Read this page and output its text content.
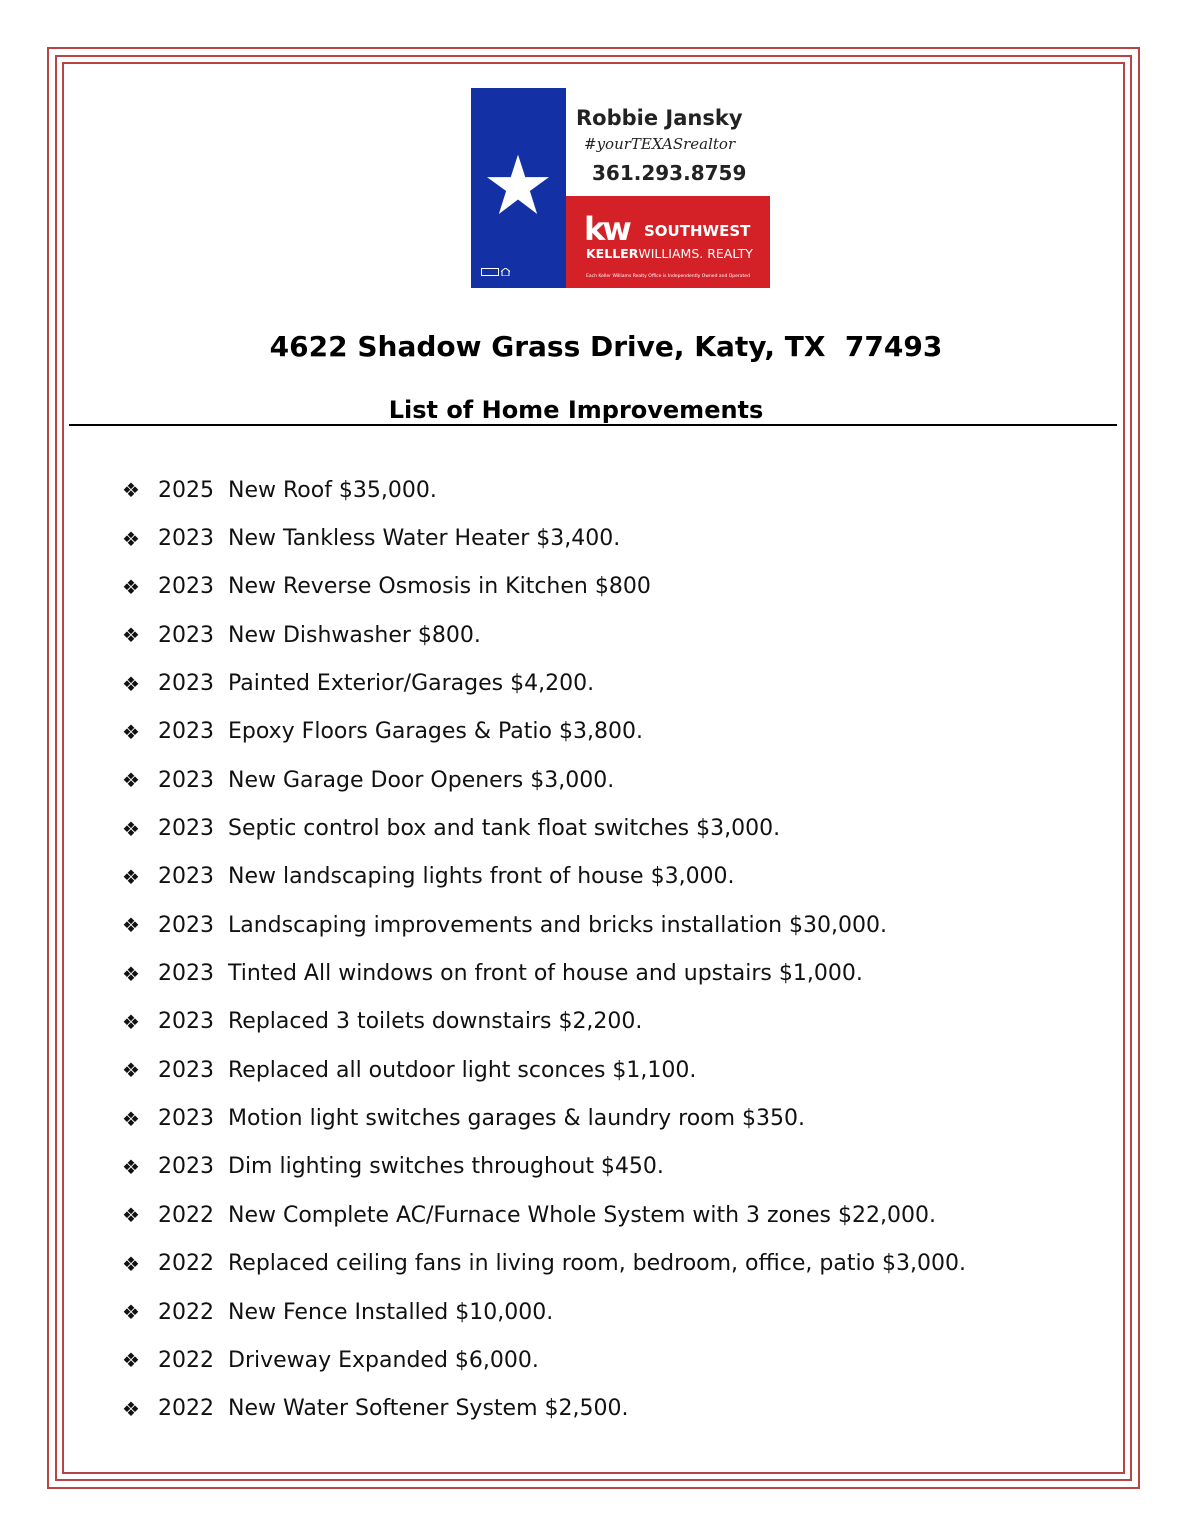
Robbie Jansky
#yourTEXASrealtor
361.293.8759
kw SOUTHWEST
KELLERWILLIAMS. REALTY
Each Keller Williams Realty Office is Independently Owned and Operated
4622 Shadow Grass Drive, Katy, TX  77493
List of Home Improvements
❖ 2025 New Roof $35,000.
❖ 2023 New Tankless Water Heater $3,400.
❖ 2023 New Reverse Osmosis in Kitchen $800
❖ 2023 New Dishwasher $800.
❖ 2023 Painted Exterior/Garages $4,200.
❖ 2023 Epoxy Floors Garages & Patio $3,800.
❖ 2023 New Garage Door Openers $3,000.
❖ 2023 Septic control box and tank float switches $3,000.
❖ 2023 New landscaping lights front of house $3,000.
❖ 2023 Landscaping improvements and bricks installation $30,000.
❖ 2023 Tinted All windows on front of house and upstairs $1,000.
❖ 2023 Replaced 3 toilets downstairs $2,200.
❖ 2023 Replaced all outdoor light sconces $1,100.
❖ 2023 Motion light switches garages & laundry room $350.
❖ 2023 Dim lighting switches throughout $450.
❖ 2022 New Complete AC/Furnace Whole System with 3 zones $22,000.
❖ 2022 Replaced ceiling fans in living room, bedroom, office, patio $3,000.
❖ 2022 New Fence Installed $10,000.
❖ 2022 Driveway Expanded $6,000.
❖ 2022 New Water Softener System $2,500.
